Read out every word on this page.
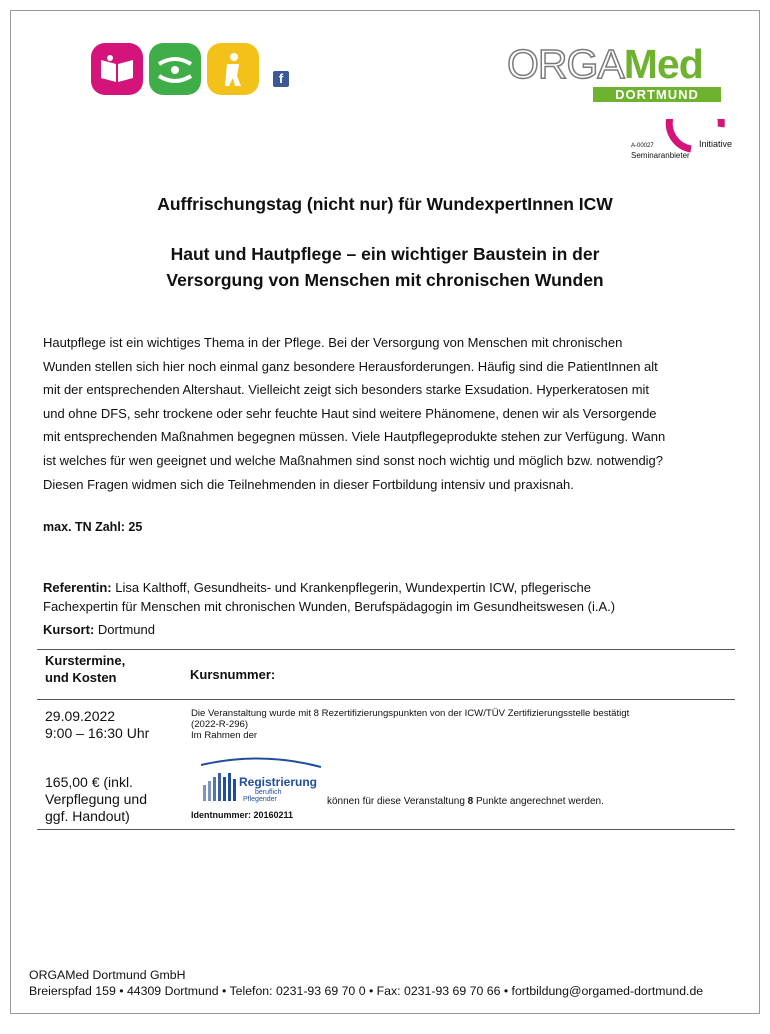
f	ORGAMed
DORTMUND
A-00027
Seminaranbieter
Initiative
Auffrischungstag (nicht nur) für WundexpertInnen ICW
Haut und Hautpflege – ein wichtiger Baustein in der
Versorgung von Menschen mit chronischen Wunden

Hautpflege ist ein wichtiges Thema in der Pflege. Bei der Versorgung von Menschen mit chronischen
Wunden stellen sich hier noch einmal ganz besondere Herausforderungen. Häufig sind die PatientInnen alt
mit der entsprechenden Altershaut. Vielleicht zeigt sich besonders starke Exsudation. Hyperkeratosen mit
und ohne DFS, sehr trockene oder sehr feuchte Haut sind weitere Phänomene, denen wir als Versorgende
mit entsprechenden Maßnahmen begegnen müssen. Viele Hautpflegeprodukte stehen zur Verfügung. Wann
ist welches für wen geeignet und welche Maßnahmen sind sonst noch wichtig und möglich bzw. notwendig?
Diesen Fragen widmen sich die Teilnehmenden in dieser Fortbildung intensiv und praxisnah.

max. TN Zahl: 25

Referentin: Lisa Kalthoff, Gesundheits- und Krankenpflegerin, Wundexpertin ICW, pflegerische
Fachexpertin für Menschen mit chronischen Wunden, Berufspädagogin im Gesundheitswesen (i.A.)

Kursort: Dortmund
Kurstermine,
und Kosten	Kursnummer:
29.09.2022
9:00 – 16:30 Uhr
165,00 € (inkl.
Verpflegung und
ggf. Handout)
Die Veranstaltung wurde mit 8 Rezertifizierungspunkten von der ICW/TÜV Zertifizierungsstelle bestätigt
(2022-R-296)
Im Rahmen der
Registrierung
beruflich
Pflegender
Identnummer: 20160211
können für diese Veranstaltung 8 Punkte angerechnet werden.
ORGAMed Dortmund GmbH
Breierspfad 159 • 44309 Dortmund • Telefon: 0231-93 69 70 0 • Fax: 0231-93 69 70 66 • fortbildung@orgamed-dortmund.de
